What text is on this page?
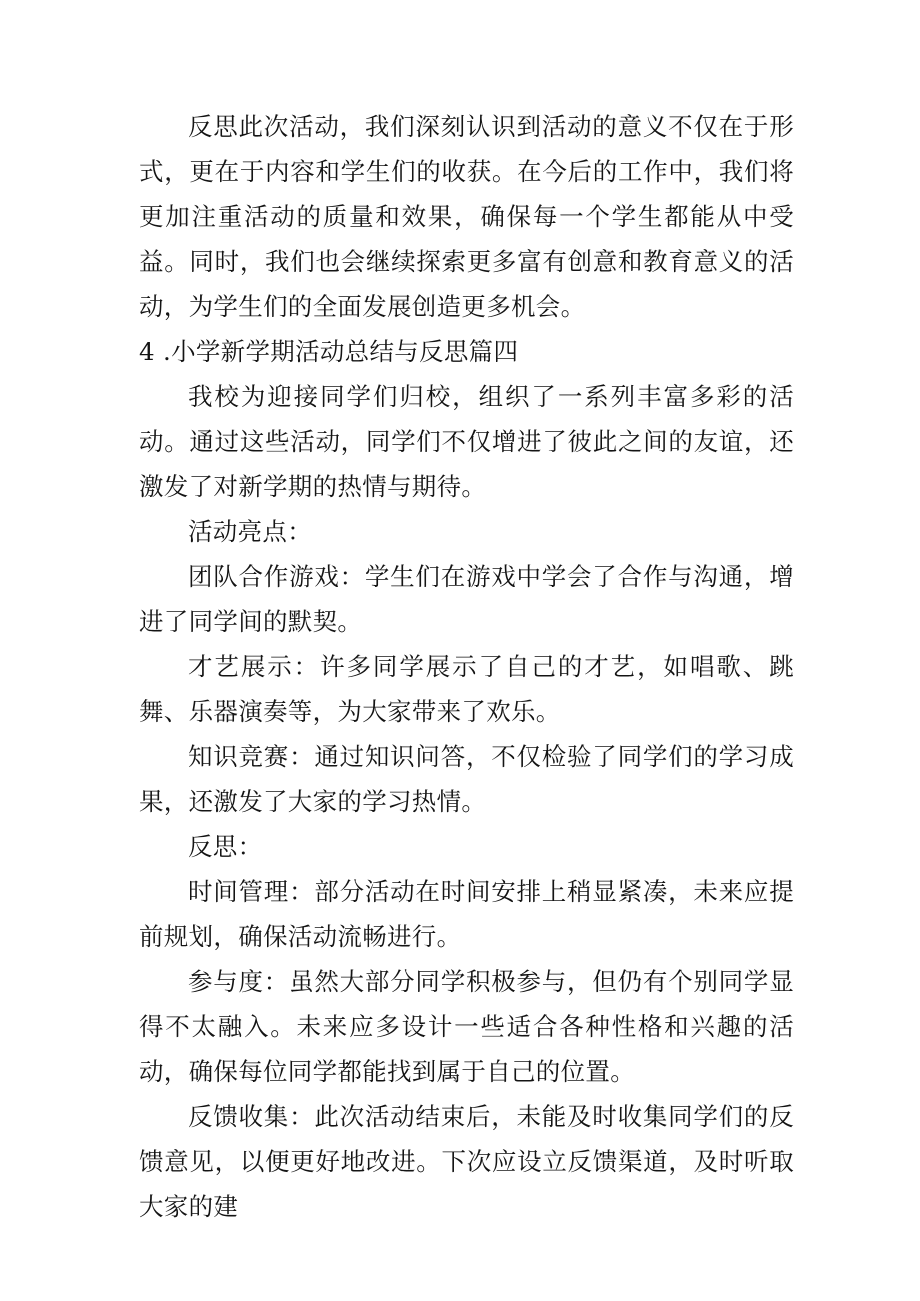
反思此次活动，我们深刻认识到活动的意义不仅在于形式，更在于内容和学生们的收获。在今后的工作中，我们将更加注重活动的质量和效果，确保每一个学生都能从中受益。同时，我们也会继续探索更多富有创意和教育意义的活动，为学生们的全面发展创造更多机会。

4 .小学新学期活动总结与反思篇四

我校为迎接同学们归校，组织了一系列丰富多彩的活动。通过这些活动，同学们不仅增进了彼此之间的友谊，还激发了对新学期的热情与期待。

活动亮点：

团队合作游戏：学生们在游戏中学会了合作与沟通，增进了同学间的默契。

才艺展示：许多同学展示了自己的才艺，如唱歌、跳舞、乐器演奏等，为大家带来了欢乐。

知识竞赛：通过知识问答，不仅检验了同学们的学习成果，还激发了大家的学习热情。

反思：

时间管理：部分活动在时间安排上稍显紧凑，未来应提前规划，确保活动流畅进行。

参与度：虽然大部分同学积极参与，但仍有个别同学显得不太融入。未来应多设计一些适合各种性格和兴趣的活动，确保每位同学都能找到属于自己的位置。

反馈收集：此次活动结束后，未能及时收集同学们的反馈意见，以便更好地改进。下次应设立反馈渠道，及时听取大家的建
